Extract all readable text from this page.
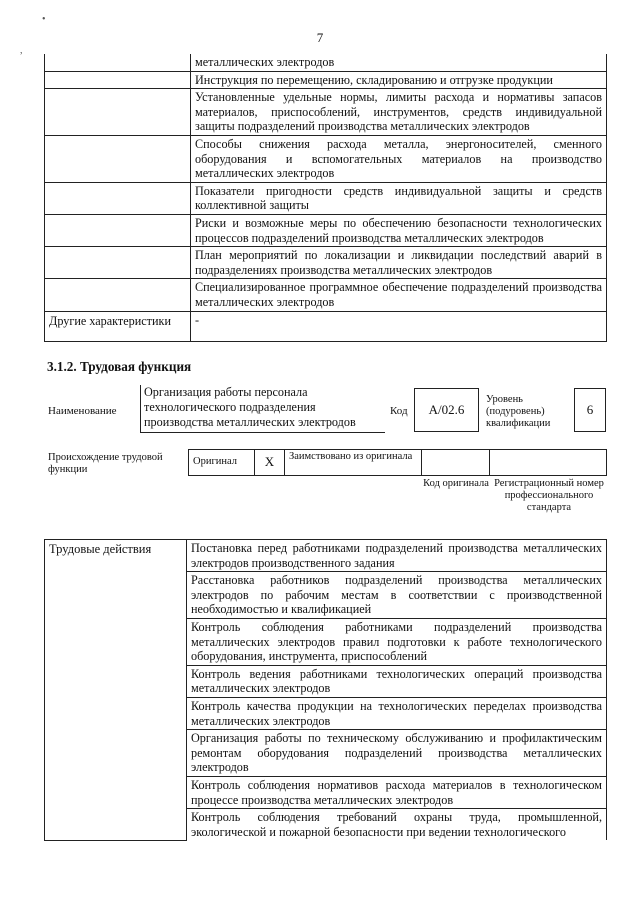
•
,
7
	металлических электродов
	Инструкция по перемещению, складированию и отгрузке продукции
	Установленные удельные нормы, лимиты расхода и нормативы запасов материалов, приспособлений, инструментов, средств индивидуальной защиты подразделений производства металлических электродов
	Способы снижения расхода металла, энергоносителей, сменного оборудования и вспомогательных материалов на производство металлических электродов
	Показатели пригодности средств индивидуальной защиты и средств коллективной защиты
	Риски и возможные меры по обеспечению безопасности технологических процессов подразделений производства металлических электродов
	План мероприятий по локализации и ликвидации последствий аварий в подразделениях производства металлических электродов
	Специализированное программное обеспечение подразделений производства металлических электродов
Другие характеристики	-
3.1.2. Трудовая функция
Наименование
Организация работы персонала технологического подразделения производства металлических электродов
Код	А/02.6
Уровень (подуровень) квалификации
6
Происхождение трудовой функции
Оригинал	X	Заимствовано из оригинала		
Код оригинала Регистрационный номер профессионального стандарта
Трудовые действия	Постановка перед работниками подразделений производства металлических электродов производственного задания
Расстановка работников подразделений производства металлических электродов по рабочим местам в соответствии с производственной необходимостью и квалификацией
Контроль соблюдения работниками подразделений производства металлических электродов правил подготовки к работе технологического оборудования, инструмента, приспособлений
Контроль ведения работниками технологических операций производства металлических электродов
Контроль качества продукции на технологических переделах производства металлических электродов
Организация работы по техническому обслуживанию и профилактическим ремонтам оборудования подразделений производства металлических электродов
Контроль соблюдения нормативов расхода материалов в технологическом процессе производства металлических электродов
Контроль соблюдения требований охраны труда, промышленной, экологической и пожарной безопасности при ведении технологического
